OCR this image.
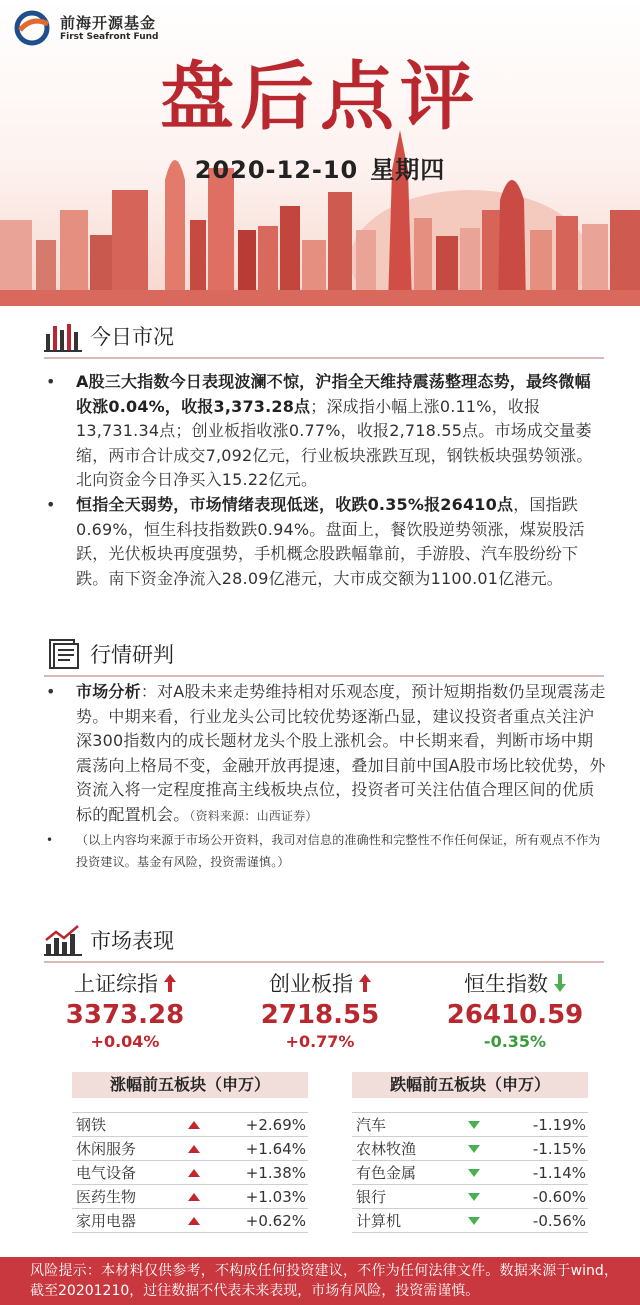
前海开源基金
First Seafront Fund
盘后点评
2020-12-10 星期四
今日市况
•	A股三大指数今日表现波澜不惊，沪指全天维持震荡整理态势，最终微幅收涨0.04%，收报3,373.28点；深成指小幅上涨0.11%，收报13,731.34点；创业板指收涨0.77%，收报2,718.55点。市场成交量萎缩，两市合计成交7,092亿元，行业板块涨跌互现，钢铁板块强势领涨。北向资金今日净买入15.22亿元。
•	恒指全天弱势，市场情绪表现低迷，收跌0.35%报26410点，国指跌0.69%，恒生科技指数跌0.94%。盘面上，餐饮股逆势领涨，煤炭股活跃，光伏板块再度强势，手机概念股跌幅靠前，手游股、汽车股纷纷下跌。南下资金净流入28.09亿港元，大市成交额为1100.01亿港元。
行情研判
•	市场分析：对A股未来走势维持相对乐观态度，预计短期指数仍呈现震荡走势。中期来看，行业龙头公司比较优势逐渐凸显，建议投资者重点关注沪深300指数内的成长题材龙头个股上涨机会。中长期来看，判断市场中期震荡向上格局不变，金融开放再提速，叠加目前中国A股市场比较优势，外资流入将一定程度推高主线板块点位，投资者可关注估值合理区间的优质标的配置机会。（资料来源：山西证券）
•	（以上内容均来源于市场公开资料，我司对信息的准确性和完整性不作任何保证，所有观点不作为投资建议。基金有风险，投资需谨慎。）
市场表现
上证综指
3373.28
+0.04%
创业板指
2718.55
+0.77%
恒生指数
26410.59
-0.35%
涨幅前五板块（申万）
钢铁	+2.69%
休闲服务	+1.64%
电气设备	+1.38%
医药生物	+1.03%
家用电器	+0.62%
跌幅前五板块（申万）
汽车	-1.19%
农林牧渔	-1.15%
有色金属	-1.14%
银行	-0.60%
计算机	-0.56%
风险提示：本材料仅供参考，不构成任何投资建议，不作为任何法律文件。数据来源于wind，截至20201210，过往数据不代表未来表现，市场有风险，投资需谨慎。
